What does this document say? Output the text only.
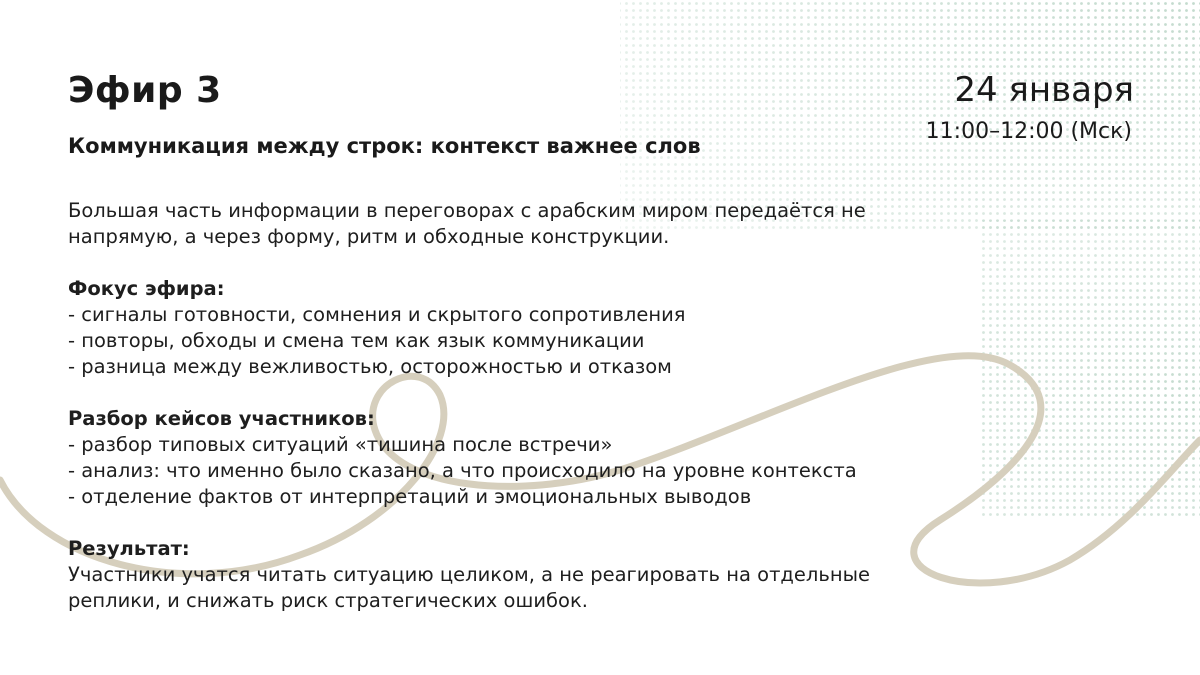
Эфир 3	24 января
11:00–12:00 (Мск)
Коммуникация между строк: контекст важнее слов

Большая часть информации в переговорах с арабским миром передаётся не

напрямую, а через форму, ритм и обходные конструкции.

Фокус эфира:

- сигналы готовности, сомнения и скрытого сопротивления

- повторы, обходы и смена тем как язык коммуникации

- разница между вежливостью, осторожностью и отказом

Разбор кейсов участников:

- разбор типовых ситуаций «тишина после встречи»

- анализ: что именно было сказано, а что происходило на уровне контекста

- отделение фактов от интерпретаций и эмоциональных выводов

Результат:

Участники учатся читать ситуацию целиком, а не реагировать на отдельные

реплики, и снижать риск стратегических ошибок.
